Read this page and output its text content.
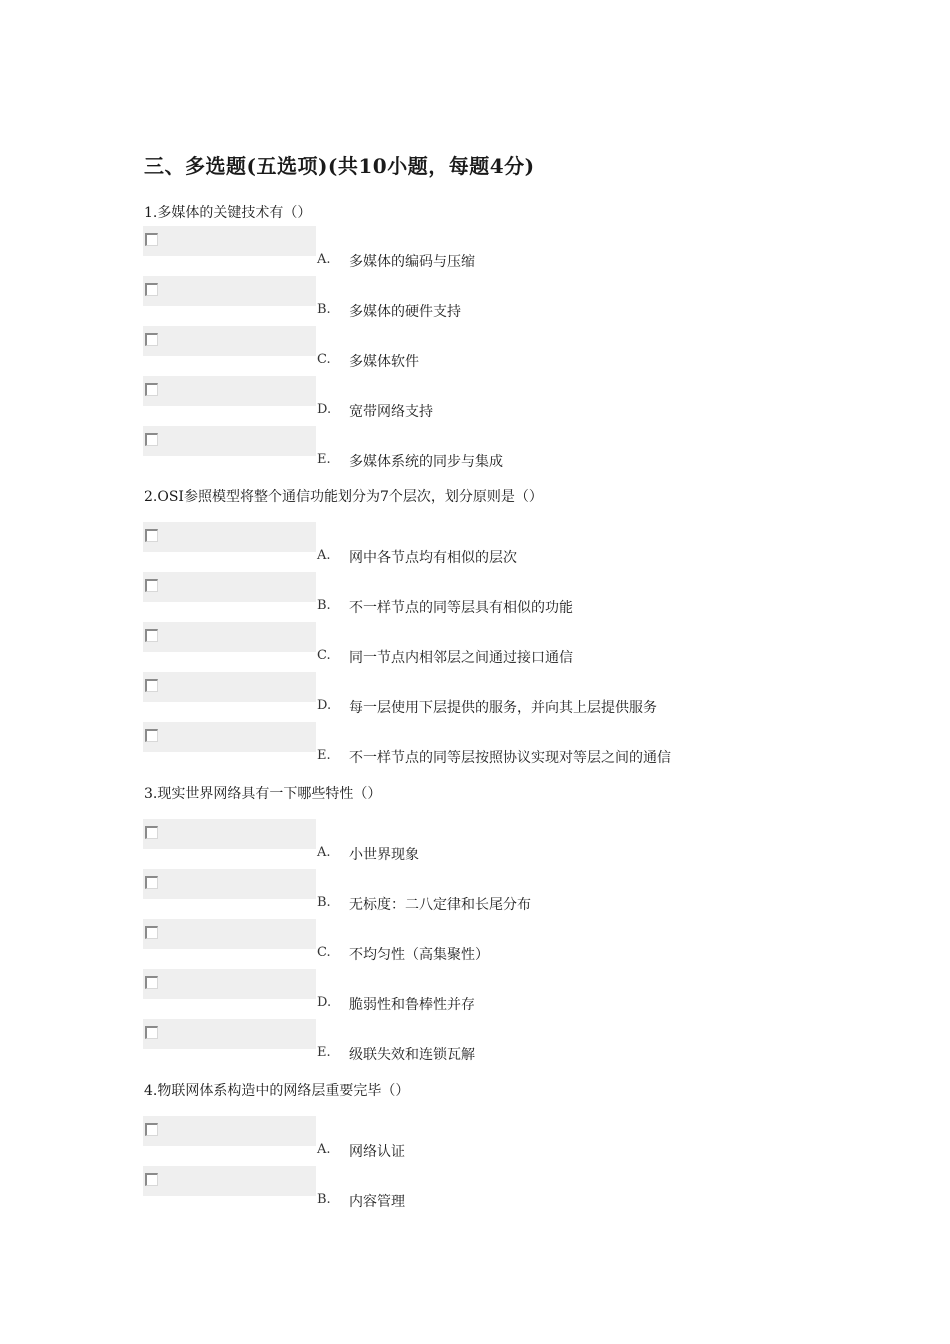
三、多选题(五选项)(共10小题，每题4分)
1.多媒体的关键技术有（）
A. 多媒体的编码与压缩
B. 多媒体的硬件支持
C. 多媒体软件
D. 宽带网络支持
E. 多媒体系统的同步与集成
2.OSI参照模型将整个通信功能划分为7个层次，划分原则是（）
A. 网中各节点均有相似的层次
B. 不一样节点的同等层具有相似的功能
C. 同一节点内相邻层之间通过接口通信
D. 每一层使用下层提供的服务，并向其上层提供服务
E. 不一样节点的同等层按照协议实现对等层之间的通信
3.现实世界网络具有一下哪些特性（）
A. 小世界现象
B. 无标度：二八定律和长尾分布
C. 不均匀性（高集聚性）
D. 脆弱性和鲁棒性并存
E. 级联失效和连锁瓦解
4.物联网体系构造中的网络层重要完毕（）
A. 网络认证
B. 内容管理
